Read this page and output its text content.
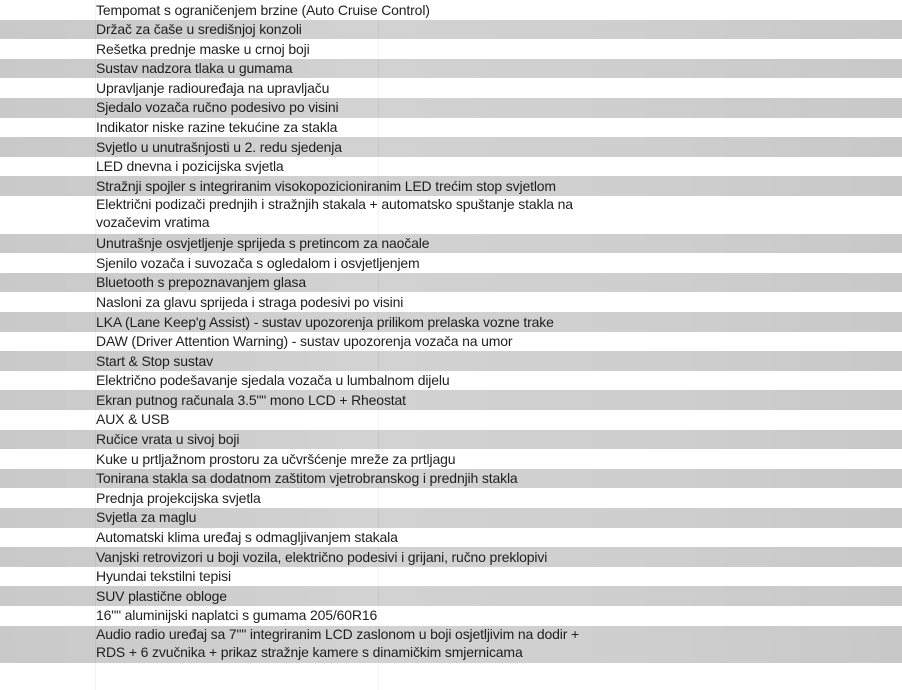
Tempomat s ograničenjem brzine (Auto Cruise Control)
Držač za čaše u središnjoj konzoli
Rešetka prednje maske u crnoj boji
Sustav nadzora tlaka u gumama
Upravljanje radiouređaja na upravljaču
Sjedalo vozača ručno podesivo po visini
Indikator niske razine tekućine za stakla
Svjetlo u unutrašnjosti u 2. redu sjedenja
LED dnevna i pozicijska svjetla
Stražnji spojler s integriranim visokopozicioniranim LED trećim stop svjetlom
Električni podizači prednjih i stražnjih stakala + automatsko spuštanje stakla na
vozačevim vratima
Unutrašnje osvjetljenje sprijeda s pretincom za naočale
Sjenilo vozača i suvozača s ogledalom i osvjetljenjem
Bluetooth s prepoznavanjem glasa
Nasloni za glavu sprijeda i straga podesivi po visini
LKA (Lane Keep'g Assist) - sustav upozorenja prilikom prelaska vozne trake
DAW (Driver Attention Warning) - sustav upozorenja vozača na umor
Start & Stop sustav
Električno podešavanje sjedala vozača u lumbalnom dijelu
Ekran putnog računala 3.5"" mono LCD + Rheostat
AUX & USB
Ručice vrata u sivoj boji
Kuke u prtljažnom prostoru za učvršćenje mreže za prtljagu
Tonirana stakla sa dodatnom zaštitom vjetrobranskog i prednjih stakla
Prednja projekcijska svjetla
Svjetla za maglu
Automatski klima uređaj s odmagljivanjem stakala
Vanjski retrovizori u boji vozila, električno podesivi i grijani, ručno preklopivi
Hyundai tekstilni tepisi
SUV plastične obloge
16"" aluminijski naplatci s gumama 205/60R16
Audio radio uređaj sa 7"" integriranim LCD zaslonom u boji osjetljivim na dodir +
RDS + 6 zvučnika + prikaz stražnje kamere s dinamičkim smjernicama
